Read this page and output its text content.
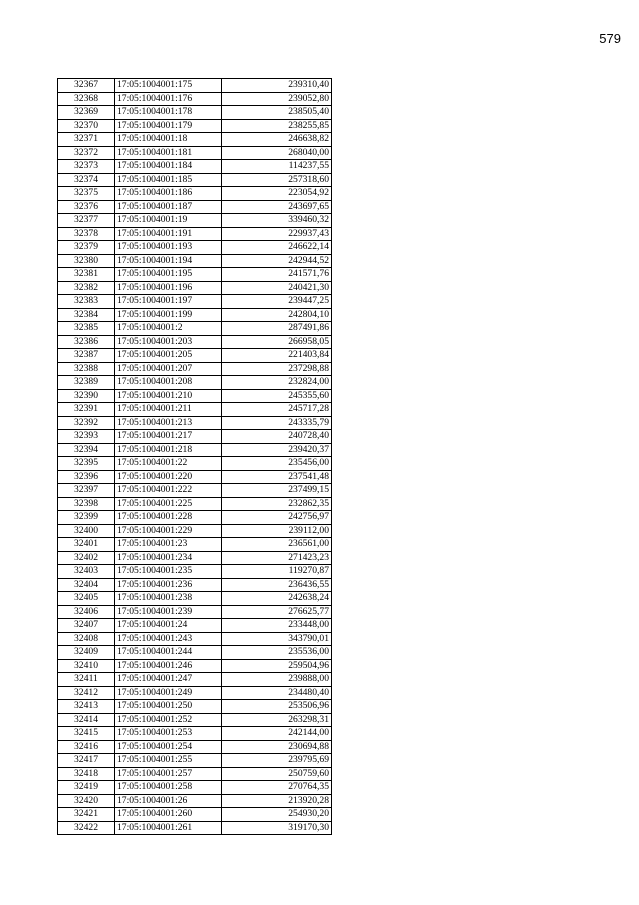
579
32367	17:05:1004001:175	239310,40
32368	17:05:1004001:176	239052,80
32369	17:05:1004001:178	238505,40
32370	17:05:1004001:179	238255,85
32371	17:05:1004001:18	246638,82
32372	17:05:1004001:181	268040,00
32373	17:05:1004001:184	114237,55
32374	17:05:1004001:185	257318,60
32375	17:05:1004001:186	223054,92
32376	17:05:1004001:187	243697,65
32377	17:05:1004001:19	339460,32
32378	17:05:1004001:191	229937,43
32379	17:05:1004001:193	246622,14
32380	17:05:1004001:194	242944,52
32381	17:05:1004001:195	241571,76
32382	17:05:1004001:196	240421,30
32383	17:05:1004001:197	239447,25
32384	17:05:1004001:199	242804,10
32385	17:05:1004001:2	287491,86
32386	17:05:1004001:203	266958,05
32387	17:05:1004001:205	221403,84
32388	17:05:1004001:207	237298,88
32389	17:05:1004001:208	232824,00
32390	17:05:1004001:210	245355,60
32391	17:05:1004001:211	245717,28
32392	17:05:1004001:213	243335,79
32393	17:05:1004001:217	240728,40
32394	17:05:1004001:218	239420,37
32395	17:05:1004001:22	235456,00
32396	17:05:1004001:220	237541,48
32397	17:05:1004001:222	237499,15
32398	17:05:1004001:225	232862,35
32399	17:05:1004001:228	242756,97
32400	17:05:1004001:229	239112,00
32401	17:05:1004001:23	236561,00
32402	17:05:1004001:234	271423,23
32403	17:05:1004001:235	119270,87
32404	17:05:1004001:236	236436,55
32405	17:05:1004001:238	242638,24
32406	17:05:1004001:239	276625,77
32407	17:05:1004001:24	233448,00
32408	17:05:1004001:243	343790,01
32409	17:05:1004001:244	235536,00
32410	17:05:1004001:246	259504,96
32411	17:05:1004001:247	239888,00
32412	17:05:1004001:249	234480,40
32413	17:05:1004001:250	253506,96
32414	17:05:1004001:252	263298,31
32415	17:05:1004001:253	242144,00
32416	17:05:1004001:254	230694,88
32417	17:05:1004001:255	239795,69
32418	17:05:1004001:257	250759,60
32419	17:05:1004001:258	270764,35
32420	17:05:1004001:26	213920,28
32421	17:05:1004001:260	254930,20
32422	17:05:1004001:261	319170,30
